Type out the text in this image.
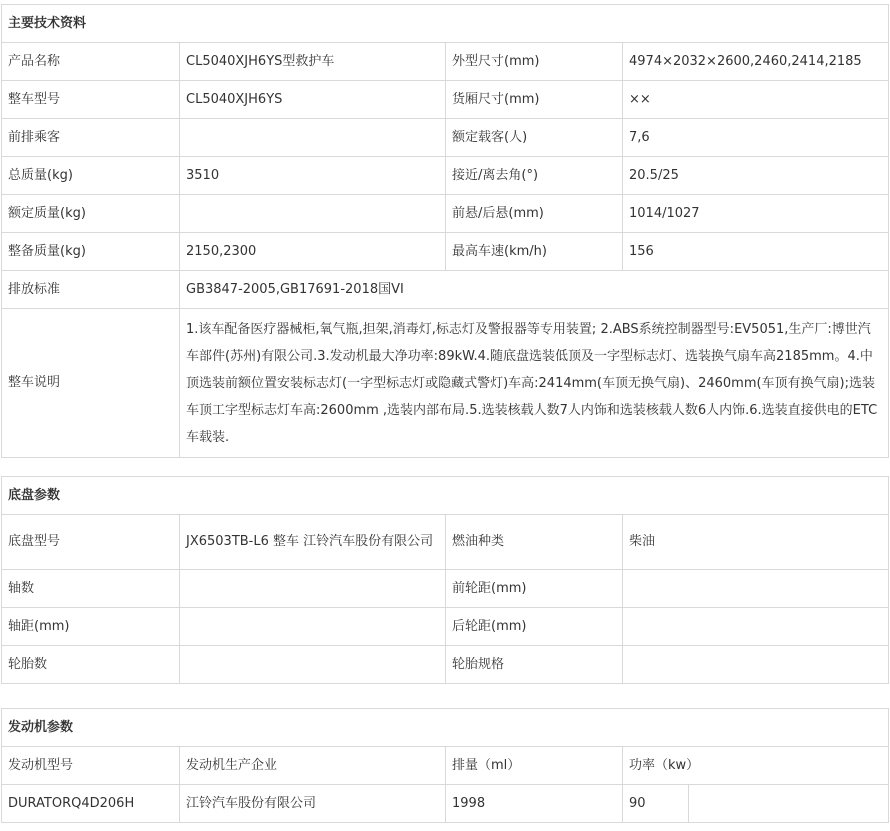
主要技术资料			
产品名称	CL5040XJH6YS型救护车	外型尺寸(mm)	4974×2032×2600,2460,2414,2185
整车型号	CL5040XJH6YS	货厢尺寸(mm)	××
前排乘客		额定载客(人)	7,6
总质量(kg)	3510	接近/离去角(°)	20.5/25
额定质量(kg)		前悬/后悬(mm)	1014/1027
整备质量(kg)	2150,2300	最高车速(km/h)	156
排放标准	GB3847-2005,GB17691-2018国VI		
整车说明	1.该车配备医疗器械柜,氧气瓶,担架,消毒灯,标志灯及警报器等专用装置; 2.ABS系统控制器型号:EV5051,生产厂:博世汽车部件(苏州)有限公司.3.发动机最大净功率:89kW.4.随底盘选装低顶及一字型标志灯、选装换气扇车高2185mm。4.中顶选装前额位置安装标志灯(一字型标志灯或隐藏式警灯)车高:2414mm(车顶无换气扇)、2460mm(车顶有换气扇);选装车顶工字型标志灯车高:2600mm ,选装内部布局.5.选装核载人数7人内饰和选装核载人数6人内饰.6.选装直接供电的ETC车载装.		
底盘参数			
底盘型号	JX6503TB-L6 整车 江铃汽车股份有限公司	燃油种类	柴油
轴数		前轮距(mm)	
轴距(mm)		后轮距(mm)	
轮胎数		轮胎规格	
发动机参数			
发动机型号	发动机生产企业	排量（ml）	功率（kw）
DURATORQ4D206H	江铃汽车股份有限公司	1998	90
